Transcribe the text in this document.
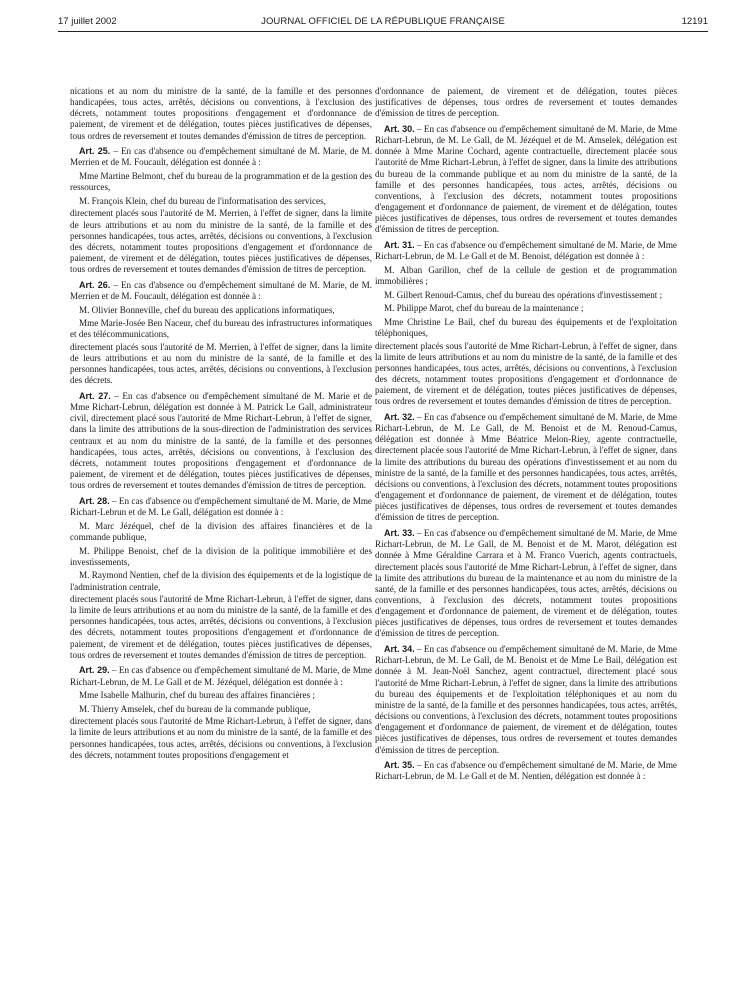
17 juillet 2002	JOURNAL OFFICIEL DE LA RÉPUBLIQUE FRANÇAISE	12191

nications et au nom du ministre de la santé, de la famille et des personnes handicapées, tous actes, arrêtés, décisions ou conventions, à l'exclusion des décrets, notamment toutes propositions d'engagement et d'ordonnance de paiement, de virement et de délégation, toutes pièces justificatives de dépenses, tous ordres de reversement et toutes demandes d'émission de titres de perception.

Art. 25. – En cas d'absence ou d'empêchement simultané de M. Marie, de M. Merrien et de M. Foucault, délégation est donnée à :

Mme Martine Belmont, chef du bureau de la programmation et de la gestion des ressources,

M. François Klein, chef du bureau de l'informatisation des services,

directement placés sous l'autorité de M. Merrien, à l'effet de signer, dans la limite de leurs attributions et au nom du ministre de la santé, de la famille et des personnes handicapées, tous actes, arrêtés, décisions ou conventions, à l'exclusion des décrets, notamment toutes propositions d'engagement et d'ordonnance de paiement, de virement et de délégation, toutes pièces justificatives de dépenses, tous ordres de reversement et toutes demandes d'émission de titres de perception.

Art. 26. – En cas d'absence ou d'empêchement simultané de M. Marie, de M. Merrien et de M. Foucault, délégation est donnée à :

M. Olivier Bonneville, chef du bureau des applications informatiques,

Mme Marie-Josée Ben Naceur, chef du bureau des infrastructures informatiques et des télécommunications,

directement placés sous l'autorité de M. Merrien, à l'effet de signer, dans la limite de leurs attributions et au nom du ministre de la santé, de la famille et des personnes handicapées, tous actes, arrêtés, décisions ou conventions, à l'exclusion des décrets.

Art. 27. – En cas d'absence ou d'empêchement simultané de M. Marie et de Mme Richart-Lebrun, délégation est donnée à M. Patrick Le Gall, administrateur civil, directement placé sous l'autorité de Mme Richart-Lebrun, à l'effet de signer, dans la limite des attributions de la sous-direction de l'administration des services centraux et au nom du ministre de la santé, de la famille et des personnes handicapées, tous actes, arrêtés, décisions ou conventions, à l'exclusion des décrets, notamment toutes propositions d'engagement et d'ordonnance de paiement, de virement et de délégation, toutes pièces justificatives de dépenses, tous ordres de reversement et toutes demandes d'émission de titres de perception.

Art. 28. – En cas d'absence ou d'empêchement simultané de M. Marie, de Mme Richart-Lebrun et de M. Le Gall, délégation est donnée à :

M. Marc Jézéquel, chef de la division des affaires financières et de la commande publique,

M. Philippe Benoist, chef de la division de la politique immobilière et des investissements,

M. Raymond Nentien, chef de la division des équipements et de la logistique de l'administration centrale,

directement placés sous l'autorité de Mme Richart-Lebrun, à l'effet de signer, dans la limite de leurs attributions et au nom du ministre de la santé, de la famille et des personnes handicapées, tous actes, arrêtés, décisions ou conventions, à l'exclusion des décrets, notamment toutes propositions d'engagement et d'ordonnance de paiement, de virement et de délégation, toutes pièces justificatives de dépenses, tous ordres de reversement et toutes demandes d'émission de titres de perception.

Art. 29. – En cas d'absence ou d'empêchement simultané de M. Marie, de Mme Richart-Lebrun, de M. Le Gall et de M. Jézéquel, délégation est donnée à :

Mme Isabelle Malhurin, chef du bureau des affaires financières ;

M. Thierry Amselek, chef du bureau de la commande publique,

directement placés sous l'autorité de Mme Richart-Lebrun, à l'effet de signer, dans la limite de leurs attributions et au nom du ministre de la santé, de la famille et des personnes handicapées, tous actes, arrêtés, décisions ou conventions, à l'exclusion des décrets, notamment toutes propositions d'engagement et

d'ordonnance de paiement, de virement et de délégation, toutes pièces justificatives de dépenses, tous ordres de reversement et toutes demandes d'émission de titres de perception.

Art. 30. – En cas d'absence ou d'empêchement simultané de M. Marie, de Mme Richart-Lebrun, de M. Le Gall, de M. Jézéquel et de M. Amselek, délégation est donnée à Mme Marine Cochard, agente contractuelle, directement placée sous l'autorité de Mme Richart-Lebrun, à l'effet de signer, dans la limite des attributions du bureau de la commande publique et au nom du ministre de la santé, de la famille et des personnes handicapées, tous actes, arrêtés, décisions ou conventions, à l'exclusion des décrets, notamment toutes propositions d'engagement et d'ordonnance de paiement, de virement et de délégation, toutes pièces justificatives de dépenses, tous ordres de reversement et toutes demandes d'émission de titres de perception.

Art. 31. – En cas d'absence ou d'empêchement simultané de M. Marie, de Mme Richart-Lebrun, de M. Le Gall et de M. Benoist, délégation est donnée à :

M. Alban Garillon, chef de la cellule de gestion et de programmation immobilières ;

M. Gilbert Renoud-Camus, chef du bureau des opérations d'investissement ;

M. Philippe Marot, chef du bureau de la maintenance ;

Mme Christine Le Bail, chef du bureau des équipements et de l'exploitation téléphoniques,

directement placés sous l'autorité de Mme Richart-Lebrun, à l'effet de signer, dans la limite de leurs attributions et au nom du ministre de la santé, de la famille et des personnes handicapées, tous actes, arrêtés, décisions ou conventions, à l'exclusion des décrets, notamment toutes propositions d'engagement et d'ordonnance de paiement, de virement et de délégation, toutes pièces justificatives de dépenses, tous ordres de reversement et toutes demandes d'émission de titres de perception.

Art. 32. – En cas d'absence ou d'empêchement simultané de M. Marie, de Mme Richart-Lebrun, de M. Le Gall, de M. Benoist et de M. Renoud-Camus, délégation est donnée à Mme Béatrice Melon-Riey, agente contractuelle, directement placée sous l'autorité de Mme Richart-Lebrun, à l'effet de signer, dans la limite des attributions du bureau des opérations d'investissement et au nom du ministre de la santé, de la famille et des personnes handicapées, tous actes, arrêtés, décisions ou conventions, à l'exclusion des décrets, notamment toutes propositions d'engagement et d'ordonnance de paiement, de virement et de délégation, toutes pièces justificatives de dépenses, tous ordres de reversement et toutes demandes d'émission de titres de perception.

Art. 33. – En cas d'absence ou d'empêchement simultané de M. Marie, de Mme Richart-Lebrun, de M. Le Gall, de M. Benoist et de M. Marot, délégation est donnée à Mme Géraldine Carrara et à M. Franco Vuerich, agents contractuels, directement placés sous l'autorité de Mme Richart-Lebrun, à l'effet de signer, dans la limite des attributions du bureau de la maintenance et au nom du ministre de la santé, de la famille et des personnes handicapées, tous actes, arrêtés, décisions ou conventions, à l'exclusion des décrets, notamment toutes propositions d'engagement et d'ordonnance de paiement, de virement et de délégation, toutes pièces justificatives de dépenses, tous ordres de reversement et toutes demandes d'émission de titres de perception.

Art. 34. – En cas d'absence ou d'empêchement simultané de M. Marie, de Mme Richart-Lebrun, de M. Le Gall, de M. Benoist et de Mme Le Bail, délégation est donnée à M. Jean-Noël Sanchez, agent contractuel, directement placé sous l'autorité de Mme Richart-Lebrun, à l'effet de signer, dans la limite des attributions du bureau des équipements et de l'exploitation téléphoniques et au nom du ministre de la santé, de la famille et des personnes handicapées, tous actes, arrêtés, décisions ou conventions, à l'exclusion des décrets, notamment toutes propositions d'engagement et d'ordonnance de paiement, de virement et de délégation, toutes pièces justificatives de dépenses, tous ordres de reversement et toutes demandes d'émission de titres de perception.

Art. 35. – En cas d'absence ou d'empêchement simultané de M. Marie, de Mme Richart-Lebrun, de M. Le Gall et de M. Nentien, délégation est donnée à :
